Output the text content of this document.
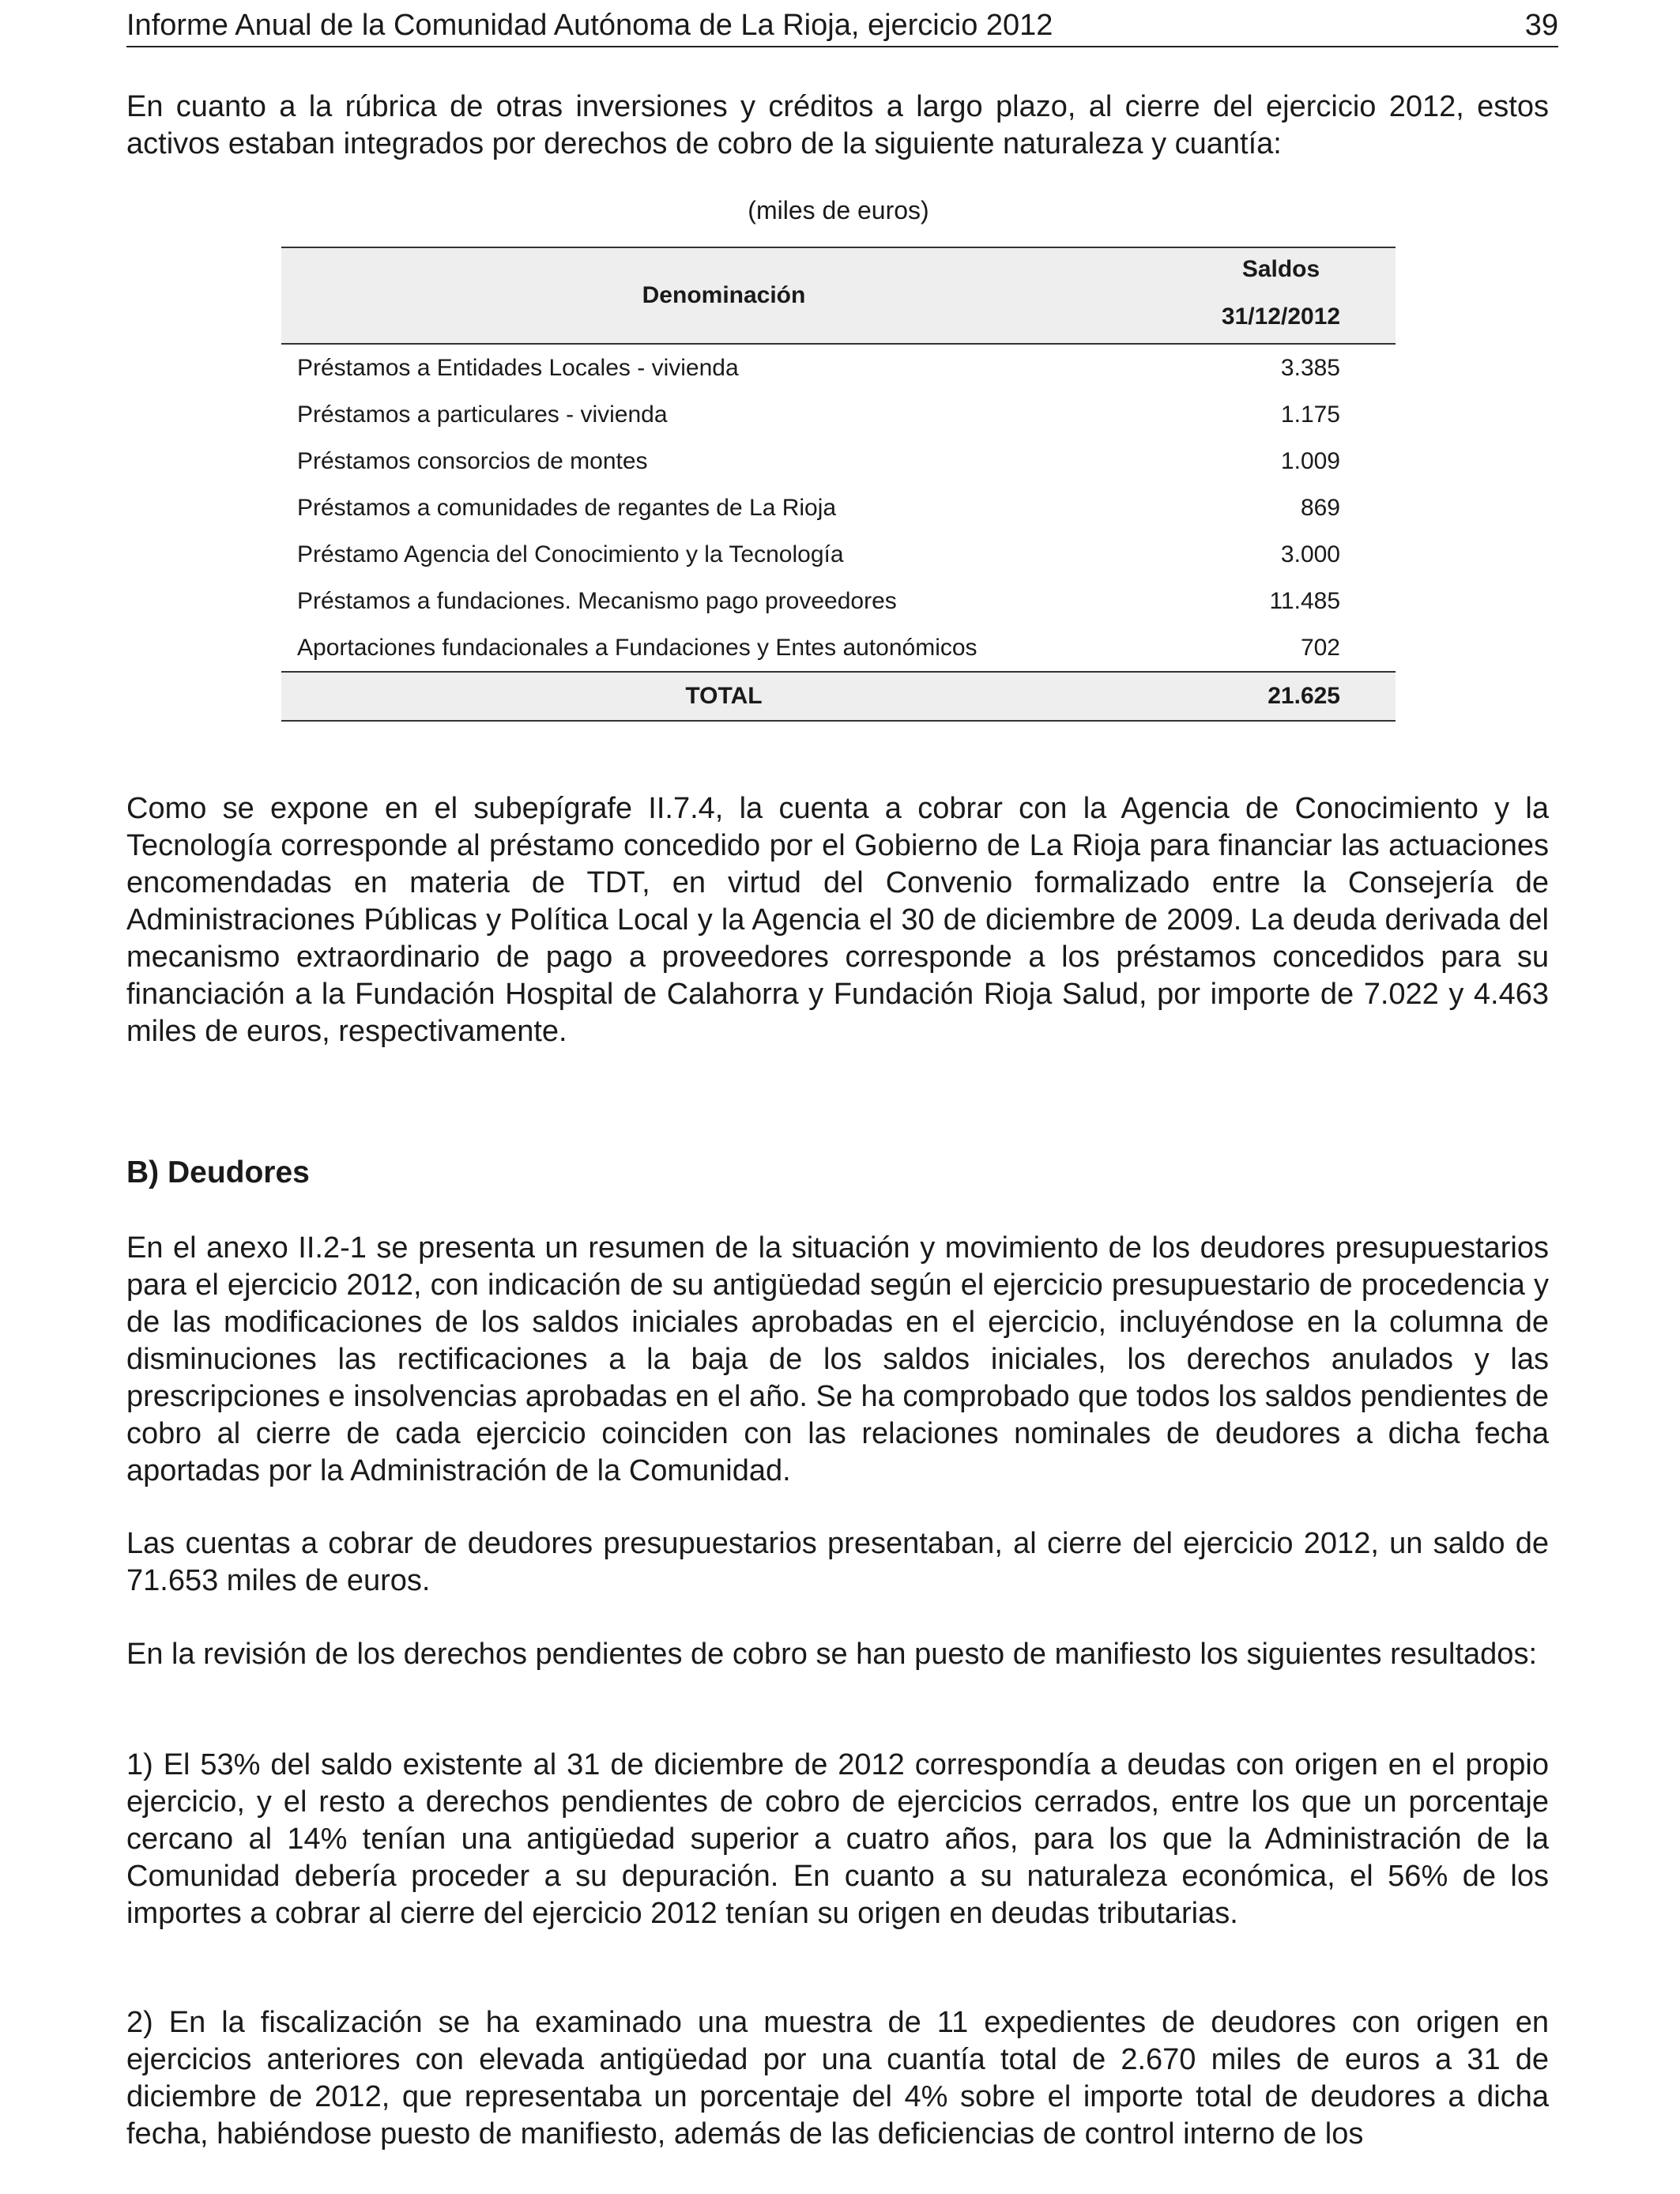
Informe Anual de la Comunidad Autónoma de La Rioja, ejercicio 2012	39

En cuanto a la rúbrica de otras inversiones y créditos a largo plazo, al cierre del ejercicio 2012, estos activos estaban integrados por derechos de cobro de la siguiente naturaleza y cuantía:

(miles de euros)
Denominación
Saldos
31/12/2012
Préstamos a Entidades Locales - vivienda	3.385
Préstamos a particulares - vivienda	1.175
Préstamos consorcios de montes	1.009
Préstamos a comunidades de regantes de La Rioja	869
Préstamo Agencia del Conocimiento y la Tecnología	3.000
Préstamos a fundaciones. Mecanismo pago proveedores	11.485
Aportaciones fundacionales a Fundaciones y Entes autonómicos	702
TOTAL	21.625

Como se expone en el subepígrafe II.7.4, la cuenta a cobrar con la Agencia de Conocimiento y la Tecnología corresponde al préstamo concedido por el Gobierno de La Rioja para financiar las actuaciones encomendadas en materia de TDT, en virtud del Convenio formalizado entre la Consejería de Administraciones Públicas y Política Local y la Agencia el 30 de diciembre de 2009. La deuda derivada del mecanismo extraordinario de pago a proveedores corresponde a los préstamos concedidos para su financiación a la Fundación Hospital de Calahorra y Fundación Rioja Salud, por importe de 7.022 y 4.463 miles de euros, respectivamente.

B) Deudores

En el anexo II.2-1 se presenta un resumen de la situación y movimiento de los deudores presupuestarios para el ejercicio 2012, con indicación de su antigüedad según el ejercicio presupuestario de procedencia y de las modificaciones de los saldos iniciales aprobadas en el ejercicio, incluyéndose en la columna de disminuciones las rectificaciones a la baja de los saldos iniciales, los derechos anulados y las prescripciones e insolvencias aprobadas en el año. Se ha comprobado que todos los saldos pendientes de cobro al cierre de cada ejercicio coinciden con las relaciones nominales de deudores a dicha fecha aportadas por la Administración de la Comunidad.

Las cuentas a cobrar de deudores presupuestarios presentaban, al cierre del ejercicio 2012, un saldo de 71.653 miles de euros.

En la revisión de los derechos pendientes de cobro se han puesto de manifiesto los siguientes resultados:

1) El 53% del saldo existente al 31 de diciembre de 2012 correspondía a deudas con origen en el propio ejercicio, y el resto a derechos pendientes de cobro de ejercicios cerrados, entre los que un porcentaje cercano al 14% tenían una antigüedad superior a cuatro años, para los que la Administración de la Comunidad debería proceder a su depuración. En cuanto a su naturaleza económica, el 56% de los importes a cobrar al cierre del ejercicio 2012 tenían su origen en deudas tributarias.

2) En la fiscalización se ha examinado una muestra de 11 expedientes de deudores con origen en ejercicios anteriores con elevada antigüedad por una cuantía total de 2.670 miles de euros a 31 de diciembre de 2012, que representaba un porcentaje del 4% sobre el importe total de deudores a dicha fecha, habiéndose puesto de manifiesto, además de las deficiencias de control interno de los
